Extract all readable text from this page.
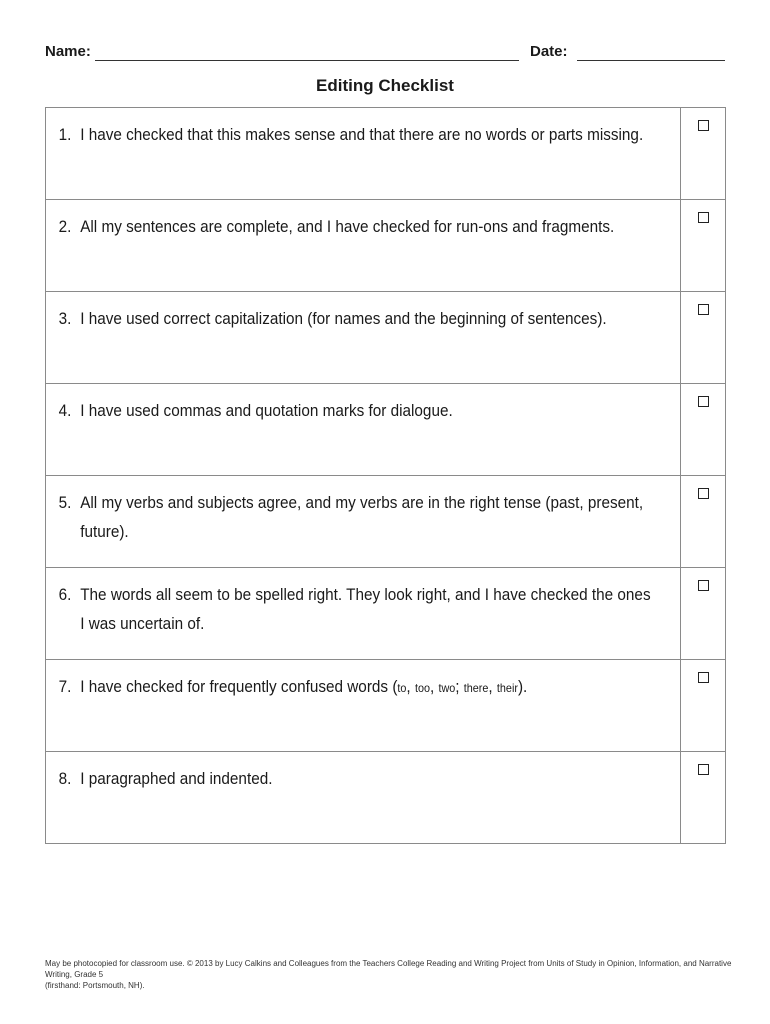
Name:	Date:
Editing Checklist
1. I have checked that this makes sense and that there are no words or parts missing.	

2. All my sentences are complete, and I have checked for run-ons and fragments.	

3. I have used correct capitalization (for names and the beginning of sentences).	

4. I have used commas and quotation marks for dialogue.	

5. All my verbs and subjects agree, and my verbs are in the right tense (past, present, future).	

6. The words all seem to be spelled right. They look right, and I have checked the ones I was uncertain of.	

7. I have checked for frequently confused words (to, too, two; there, their).	

8. I paragraphed and indented.	

May be photocopied for classroom use. © 2013 by Lucy Calkins and Colleagues from the Teachers College Reading and Writing Project from Units of Study in Opinion, Information, and Narrative Writing, Grade 5
(firsthand: Portsmouth, NH).
